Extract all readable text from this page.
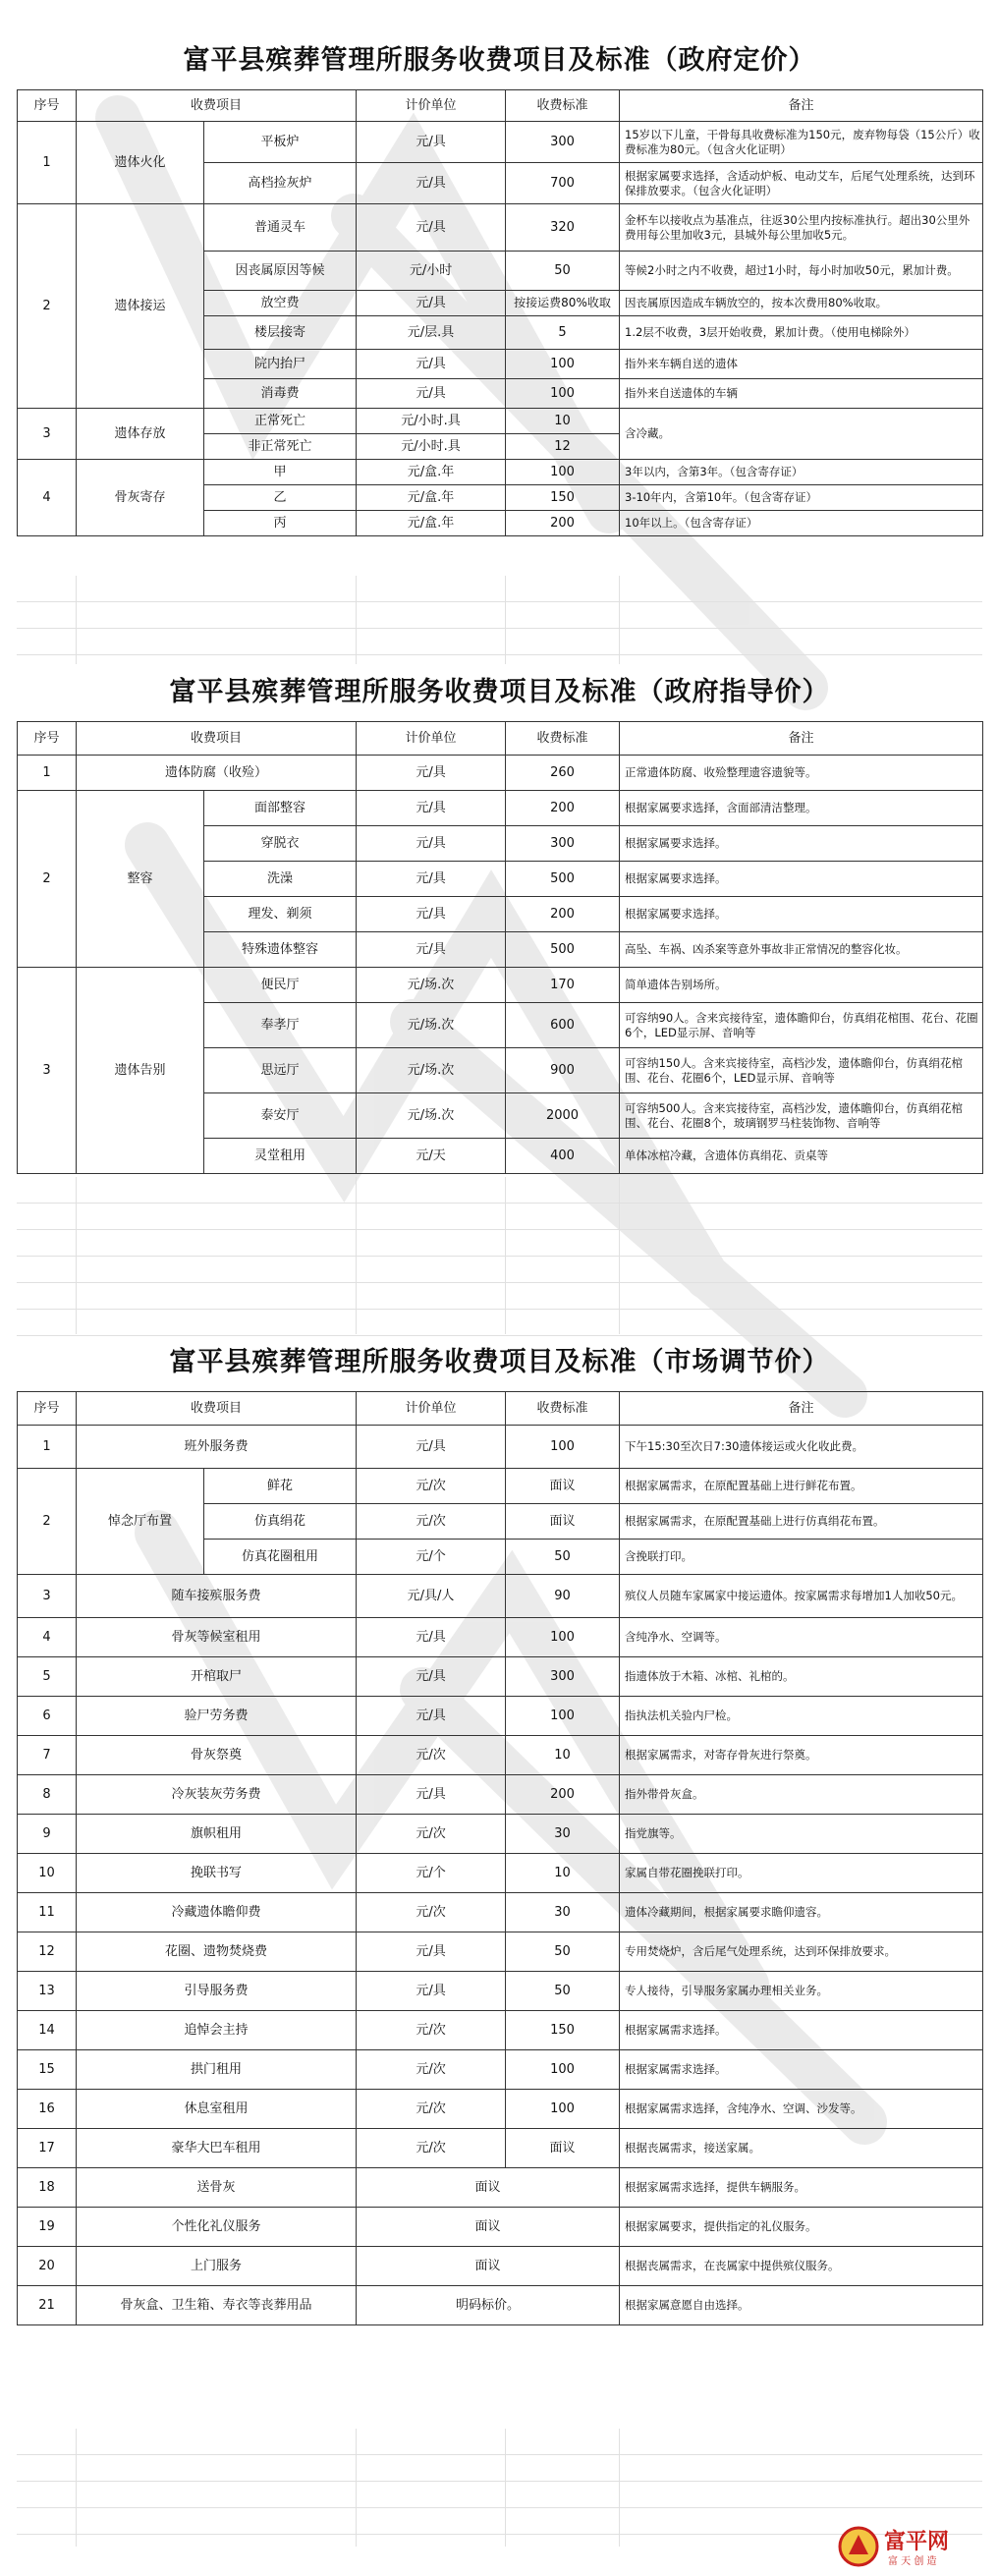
富平县殡葬管理所服务收费项目及标准（政府定价）
序号	收费项目		计价单位	收费标准	备注
1	遗体火化	平板炉	元/具	300	15岁以下儿童，干骨每具收费标准为150元，废弃物每袋（15公斤）收费标准为80元。（包含火化证明）
		高档捡灰炉	元/具	700	根据家属要求选择，含适动炉板、电动艾车，后尾气处理系统，达到环保排放要求。（包含火化证明）
2	遗体接运	普通灵车	元/具	320	金杯车以接收点为基准点，往返30公里内按标准执行。超出30公里外费用每公里加收3元，县城外每公里加收5元。
		因丧属原因等候	元/小时	50	等候2小时之内不收费，超过1小时，每小时加收50元，累加计费。
		放空费	元/具	按接运费80%收取	因丧属原因造成车辆放空的，按本次费用80%收取。
		楼层接寄	元/层.具	5	1.2层不收费，3层开始收费，累加计费。（使用电梯除外）
		院内抬尸	元/具	100	指外来车辆自送的遗体
		消毒费	元/具	100	指外来自送遗体的车辆
3	遗体存放	正常死亡	元/小时.具	10	含冷藏。
		非正常死亡	元/小时.具	12	
4	骨灰寄存	甲	元/盒.年	100	3年以内，含第3年。（包含寄存证）
		乙	元/盒.年	150	3-10年内，含第10年。（包含寄存证）
		丙	元/盒.年	200	10年以上。（包含寄存证）
富平县殡葬管理所服务收费项目及标准（政府指导价）
序号	收费项目		计价单位	收费标准	备注
1	遗体防腐（收殓）		元/具	260	正常遗体防腐、收殓整理遗容遗貌等。
2	整容	面部整容	元/具	200	根据家属要求选择，含面部清洁整理。
		穿脱衣	元/具	300	根据家属要求选择。
		洗澡	元/具	500	根据家属要求选择。
		理发、剃须	元/具	200	根据家属要求选择。
		特殊遗体整容	元/具	500	高坠、车祸、凶杀案等意外事故非正常情况的整容化妆。
3	遗体告别	便民厅	元/场.次	170	简单遗体告别场所。
		奉孝厅	元/场.次	600	可容纳90人。含来宾接待室，遗体瞻仰台，仿真绢花棺围、花台、花圈6个，LED显示屏、音响等
		思远厅	元/场.次	900	可容纳150人。含来宾接待室，高档沙发，遗体瞻仰台，仿真绢花棺围、花台、花圈6个，LED显示屏、音响等
		泰安厅	元/场.次	2000	可容纳500人。含来宾接待室，高档沙发，遗体瞻仰台，仿真绢花棺围、花台、花圈8个，玻璃钢罗马柱装饰物、音响等
		灵堂租用	元/天	400	单体冰棺冷藏，含遗体仿真绢花、贡桌等
富平县殡葬管理所服务收费项目及标准（市场调节价）
序号	收费项目		计价单位	收费标准	备注
1	班外服务费		元/具	100	下午15:30至次日7:30遗体接运或火化收此费。
2	悼念厅布置	鲜花	元/次	面议	根据家属需求，在原配置基础上进行鲜花布置。
		仿真绢花	元/次	面议	根据家属需求，在原配置基础上进行仿真绢花布置。
		仿真花圈租用	元/个	50	含挽联打印。
3	随车接殡服务费		元/具/人	90	殡仪人员随车家属家中接运遗体。按家属需求每增加1人加收50元。
4	骨灰等候室租用		元/具	100	含纯净水、空调等。
5	开棺取尸		元/具	300	指遗体放于木箱、冰棺、礼棺的。
6	验尸劳务费		元/具	100	指执法机关验内尸检。
7	骨灰祭奠		元/次	10	根据家属需求，对寄存骨灰进行祭奠。
8	冷灰装灰劳务费		元/具	200	指外带骨灰盒。
9	旗帜租用		元/次	30	指党旗等。
10	挽联书写		元/个	10	家属自带花圈挽联打印。
11	冷藏遗体瞻仰费		元/次	30	遗体冷藏期间，根据家属要求瞻仰遗容。
12	花圈、遗物焚烧费		元/具	50	专用焚烧炉，含后尾气处理系统，达到环保排放要求。
13	引导服务费		元/具	50	专人接待，引导服务家属办理相关业务。
14	追悼会主持		元/次	150	根据家属需求选择。
15	拱门租用		元/次	100	根据家属需求选择。
16	休息室租用		元/次	100	根据家属需求选择，含纯净水、空调、沙发等。
17	豪华大巴车租用		元/次	面议	根据丧属需求，接送家属。
18	送骨灰		面议		根据家属需求选择，提供车辆服务。
19	个性化礼仪服务		面议		根据家属要求，提供指定的礼仪服务。
20	上门服务		面议		根据丧属需求，在丧属家中提供殡仪服务。
21	骨灰盒、卫生箱、寿衣等丧葬用品		明码标价。		根据家属意愿自由选择。
富平网
富 天 创 造
